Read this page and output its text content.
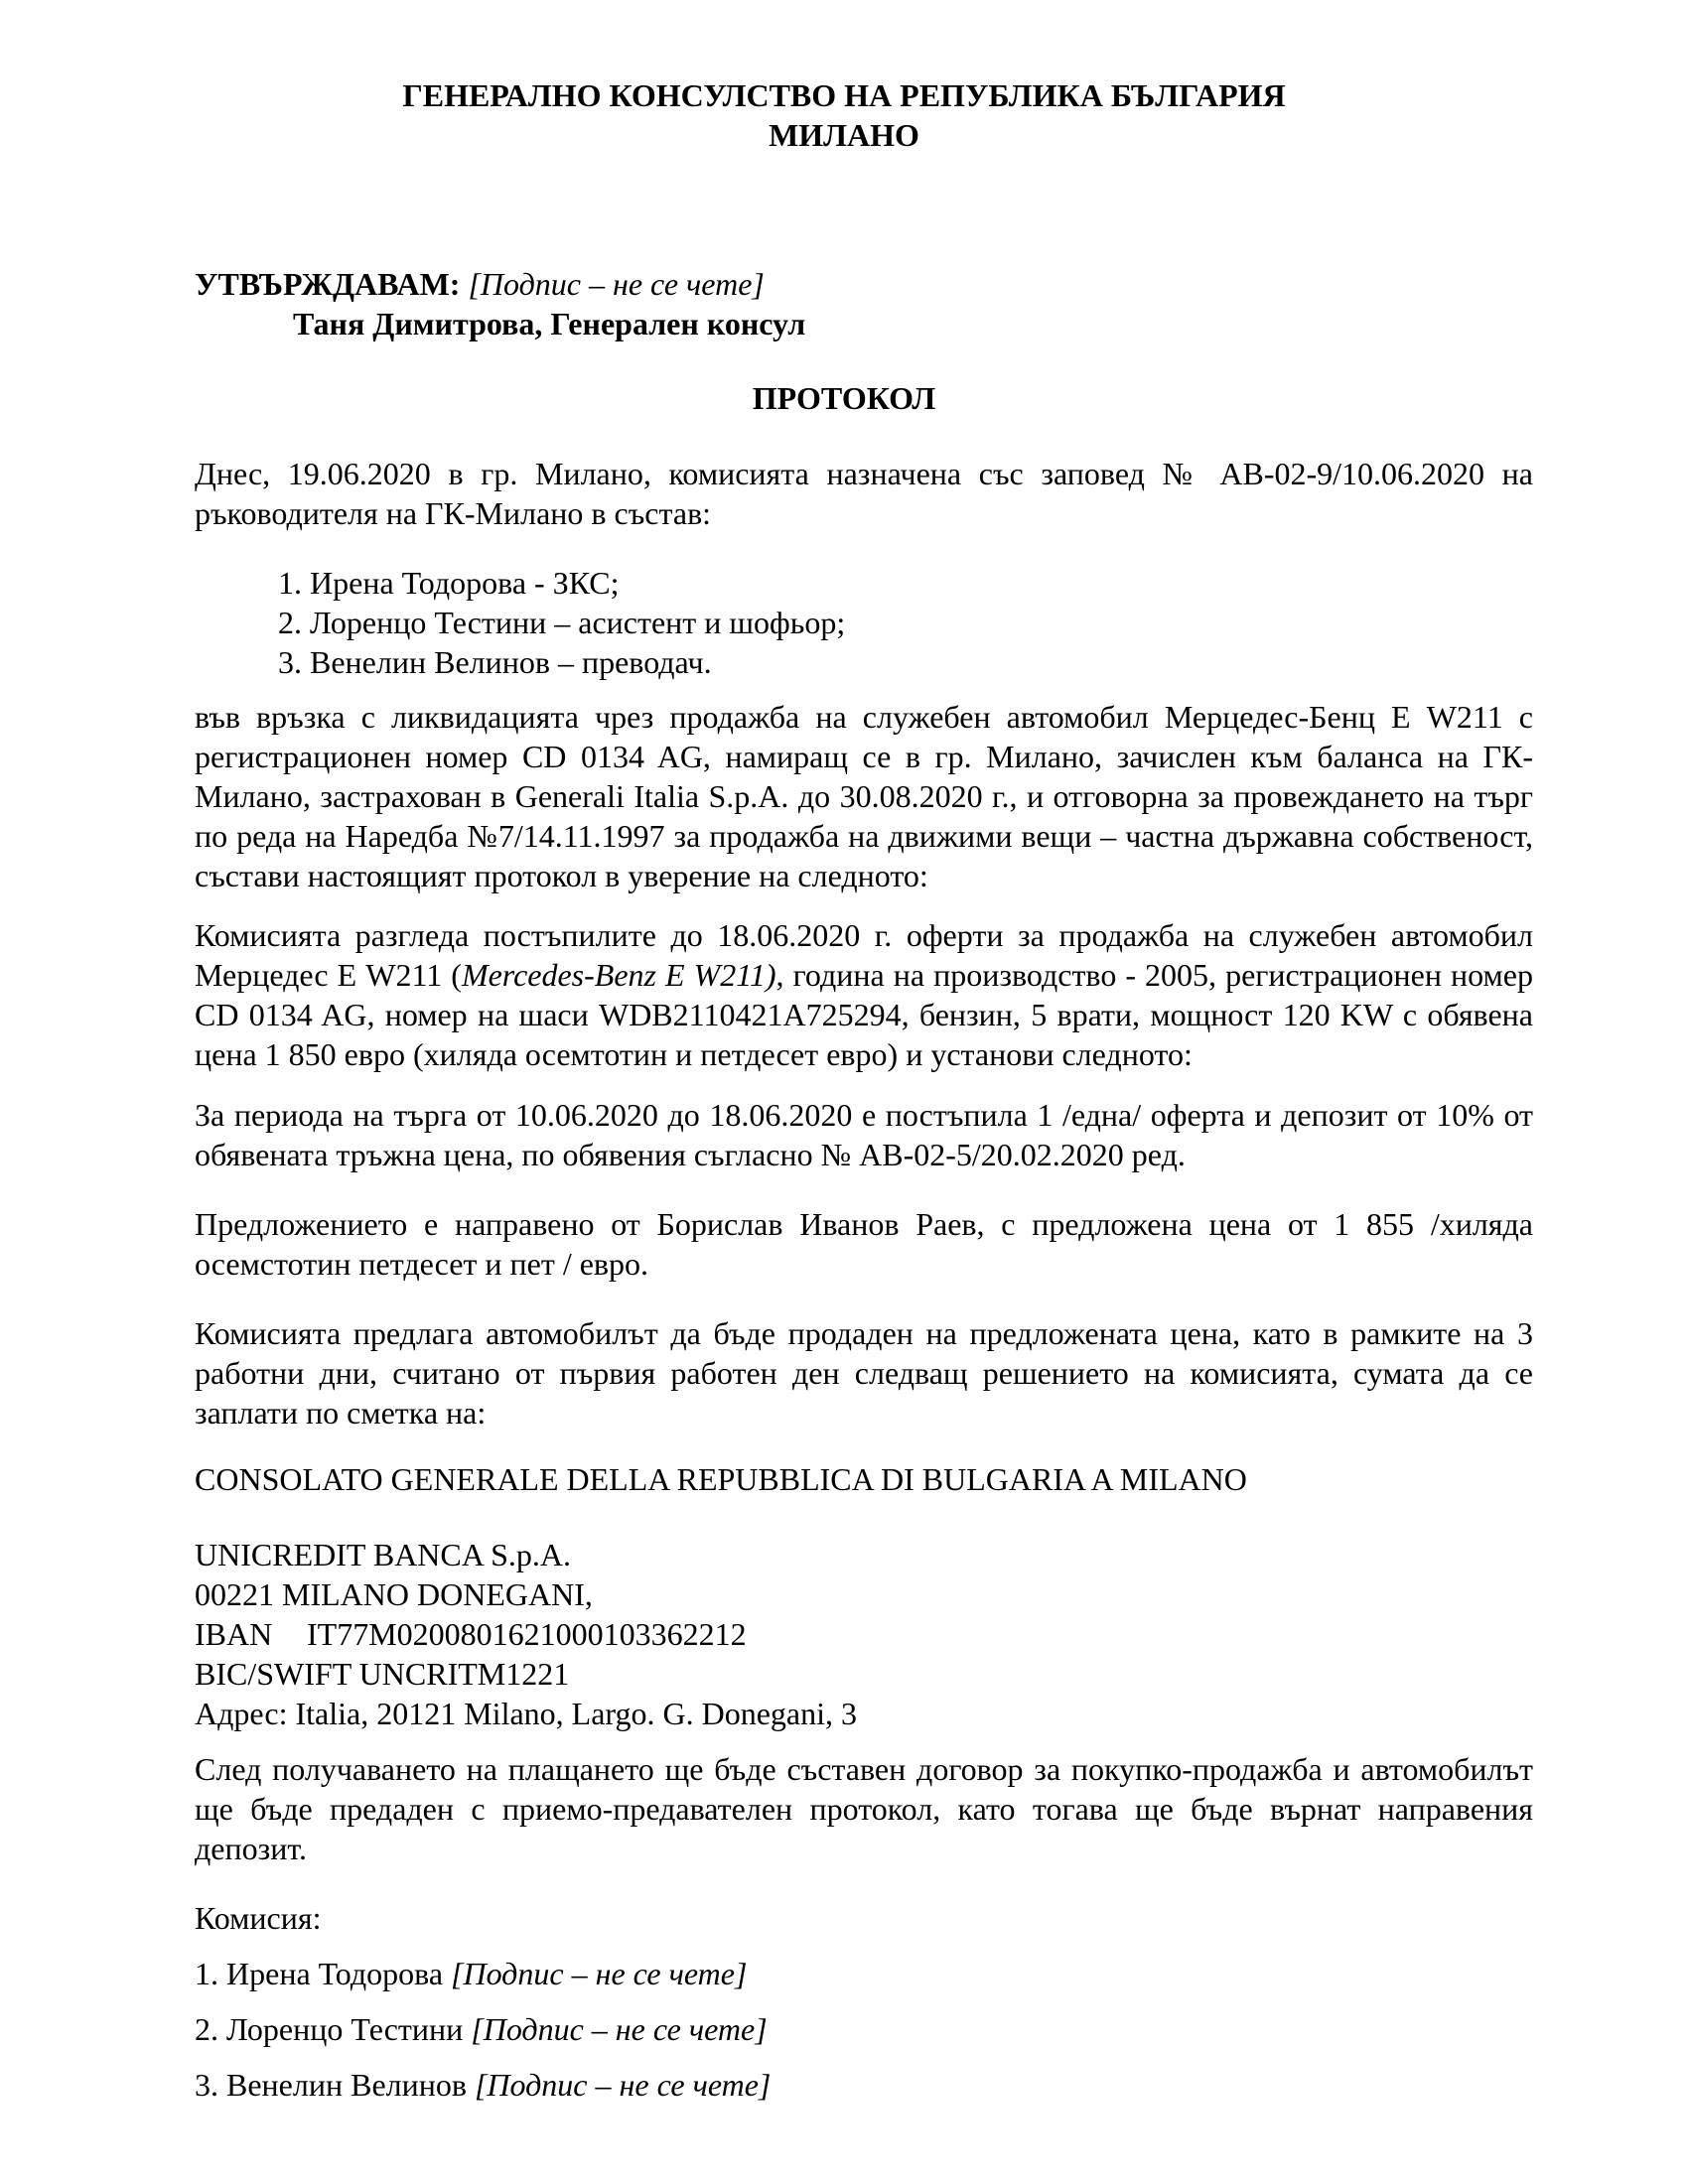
ГЕНЕРАЛНО КОНСУЛСТВО НА РЕПУБЛИКА БЪЛГАРИЯ
МИЛАНО
УТВЪРЖДАВАМ: [Подпис – не се чете]
Таня Димитрова, Генерален консул
ПРОТОКОЛ
Днес, 19.06.2020 в гр. Милано, комисията назначена със заповед № АВ-02-9/10.06.2020 на ръководителя на ГК-Милано в състав:
1. Ирена Тодорова - ЗКС;
2. Лоренцо Тестини – асистент и шофьор;
3. Венелин Велинов – преводач.
във връзка с ликвидацията чрез продажба на служебен автомобил Мерцедес-Бенц Е W211 с регистрационен номер CD 0134 AG, намиращ се в гр. Милано, зачислен към баланса на ГК-Милано, застрахован в Generali Italia S.p.A. до 30.08.2020 г., и отговорна за провеждането на търг по реда на Наредба №7/14.11.1997 за продажба на движими вещи – частна държавна собственост, състави настоящият протокол в уверение на следното:
Комисията разгледа постъпилите до 18.06.2020 г. оферти за продажба на служебен автомобил Мерцедес Е W211 (Mercedes-Benz E W211), година на производство - 2005, регистрационен номер CD 0134 AG, номер на шаси WDB2110421A725294, бензин, 5 врати, мощност 120 KW с обявена цена 1 850 евро (хиляда осемтотин и петдесет евро) и установи следното:
За периода на търга от 10.06.2020 до 18.06.2020 е постъпила 1 /една/ оферта и депозит от 10% от обявената тръжна цена, по обявения съгласно № АВ-02-5/20.02.2020 ред.
Предложението е направено от Борислав Иванов Раев, с предложена цена от 1 855 /хиляда осемстотин петдесет и пет / евро.
Комисията предлага автомобилът да бъде продаден на предложената цена, като в рамките на 3 работни дни, считано от първия работен ден следващ решението на комисията, сумата да се заплати по сметка на:
CONSOLATO GENERALE DELLA REPUBBLICA DI BULGARIA A MILANO
UNICREDIT BANCA S.p.A.
00221 MILANO DONEGANI,
IBAN IT77M0200801621000103362212
BIC/SWIFT UNCRITM1221
Адрес: Italia, 20121 Milano, Largo. G. Donegani, 3
След получаването на плащането ще бъде съставен договор за покупко-продажба и автомобилът ще бъде предаден с приемо-предавателен протокол, като тогава ще бъде върнат направения депозит.
Комисия:
1. Ирена Тодорова [Подпис – не се чете]
2. Лоренцо Тестини [Подпис – не се чете]
3. Венелин Велинов [Подпис – не се чете]
